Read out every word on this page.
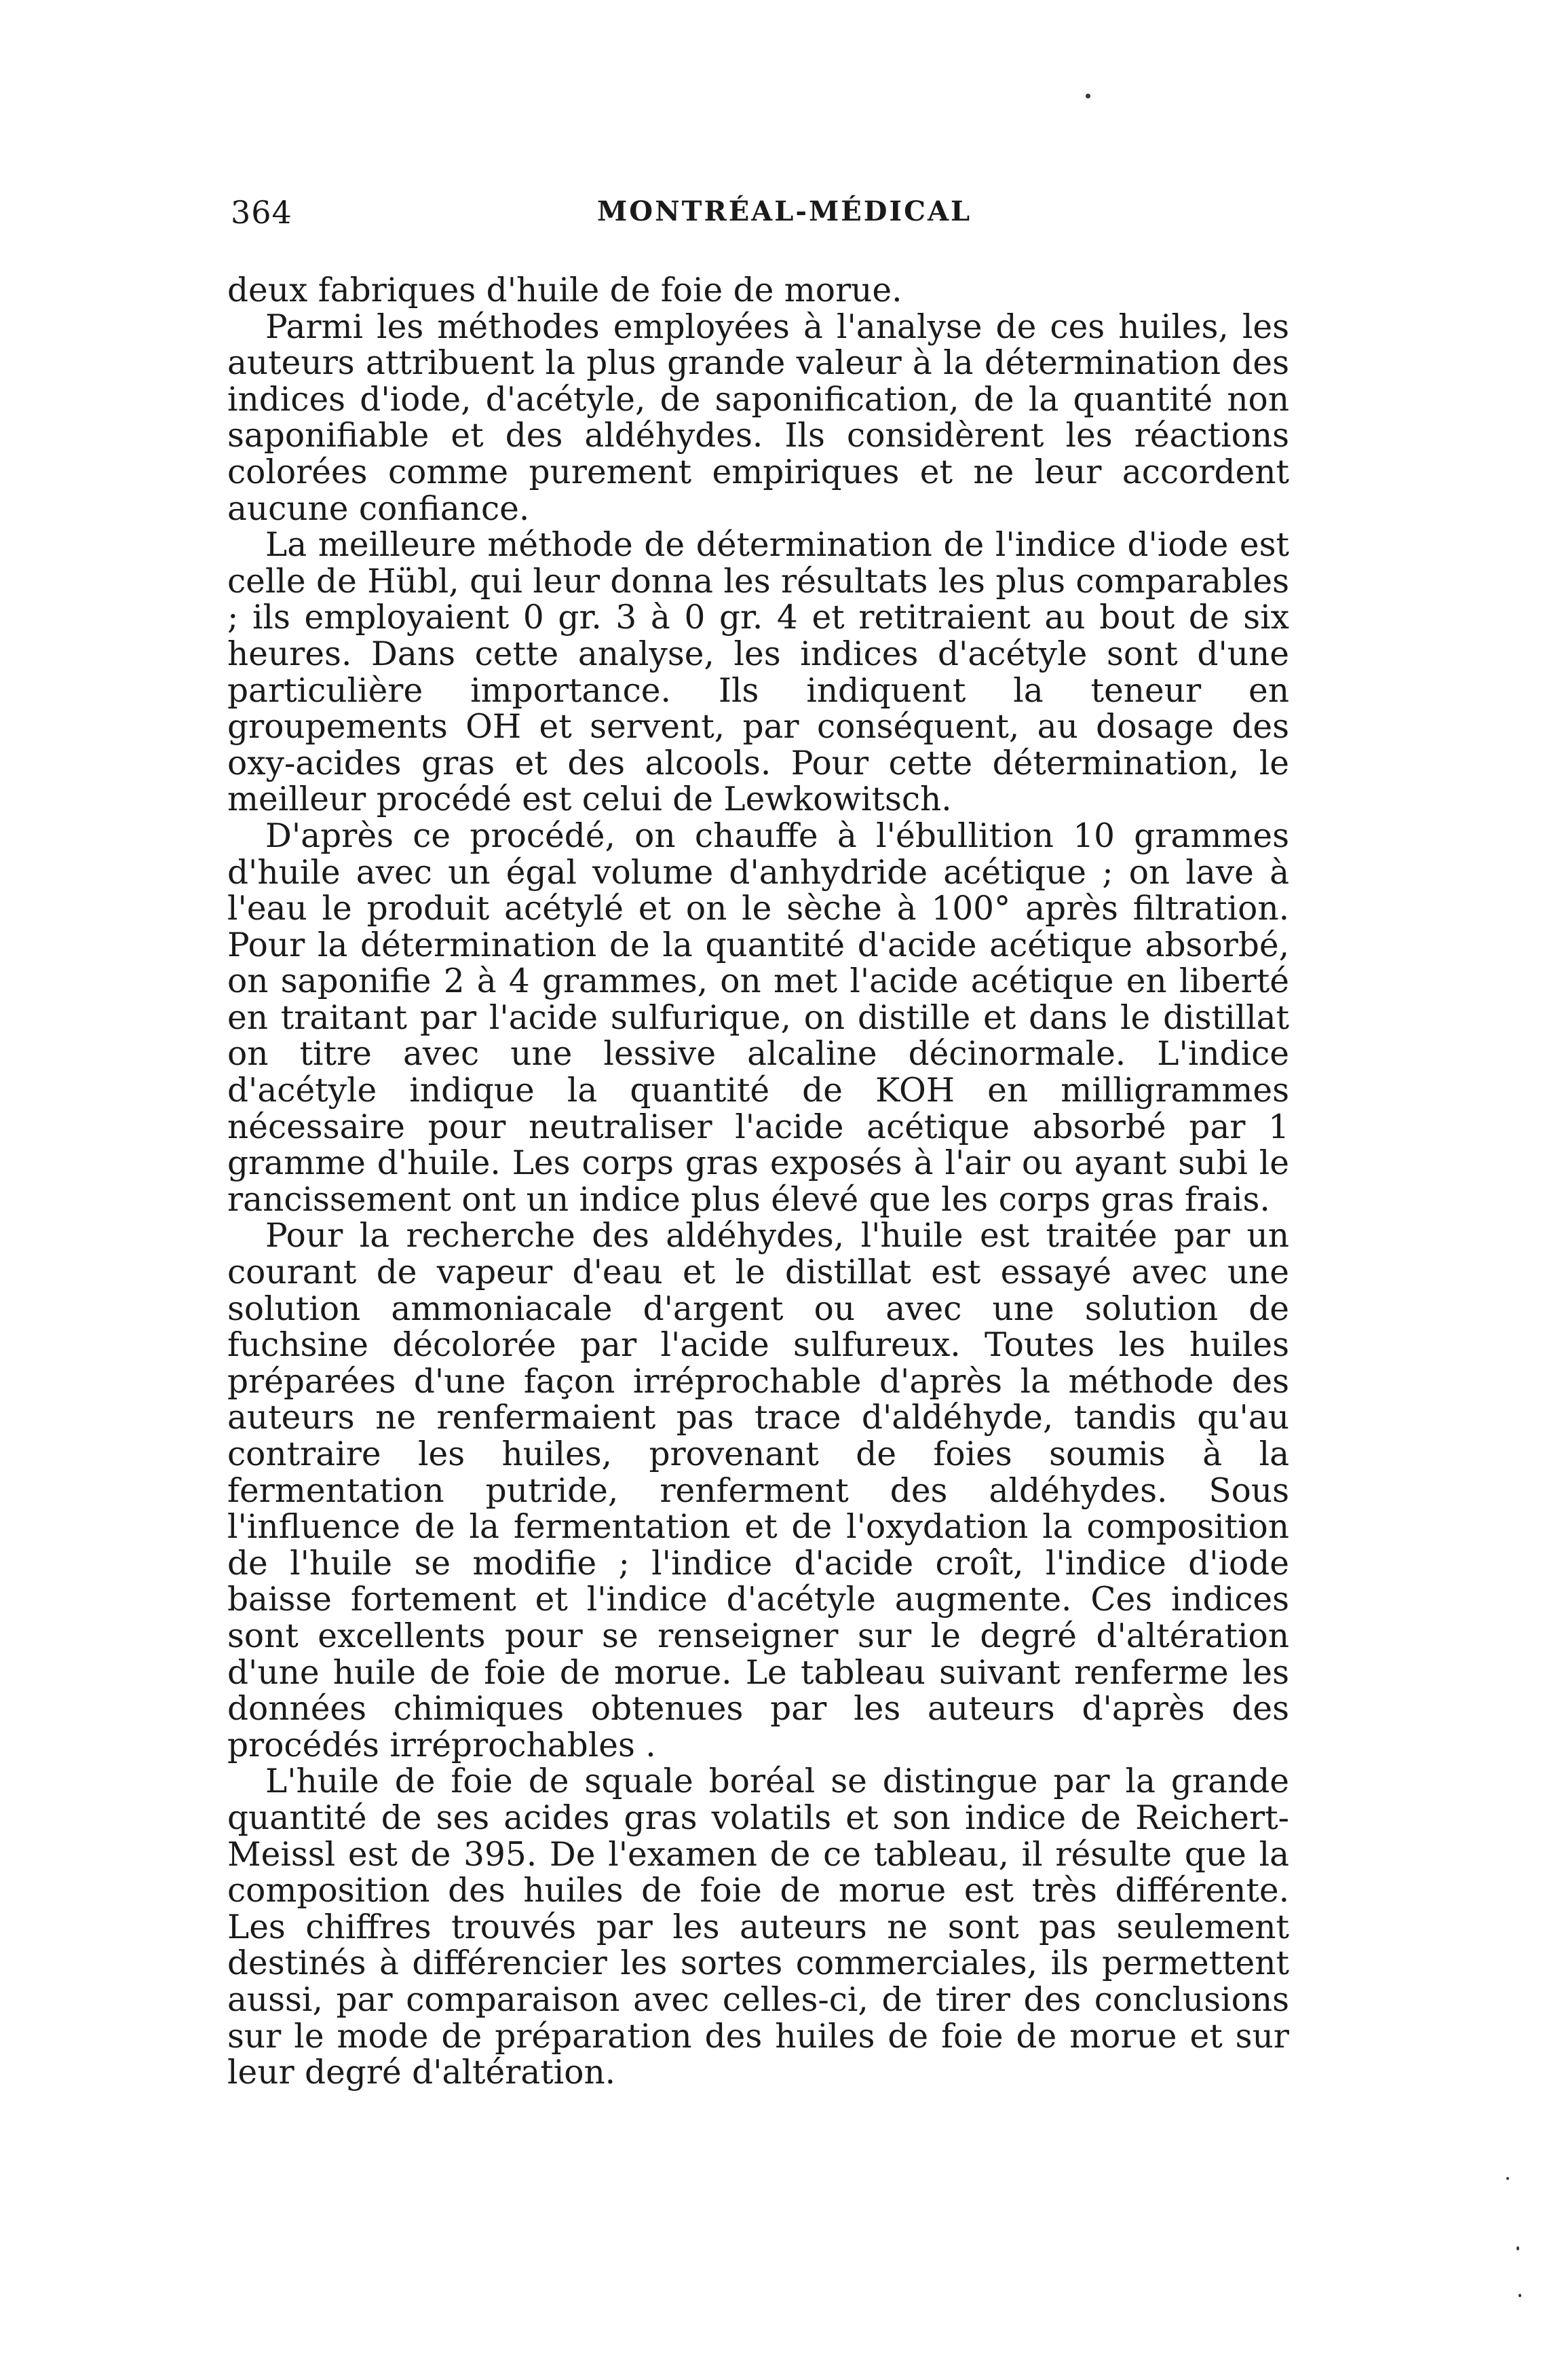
364	MONTRÉAL-MÉDICAL

deux fabriques d'huile de foie de morue.

Parmi les méthodes employées à l'analyse de ces huiles, les auteurs attribuent la plus grande valeur à la détermination des indices d'iode, d'acétyle, de saponification, de la quantité non saponifiable et des aldéhydes. Ils considèrent les réactions colorées comme purement empiriques et ne leur accordent aucune confiance.

La meilleure méthode de détermination de l'indice d'iode est celle de Hübl, qui leur donna les résultats les plus comparables ; ils employaient 0 gr. 3 à 0 gr. 4 et retitraient au bout de six heures. Dans cette analyse, les indices d'acétyle sont d'une particulière importance. Ils indiquent la teneur en groupements OH et servent, par conséquent, au dosage des oxy-acides gras et des alcools. Pour cette détermination, le meilleur procédé est celui de Lewkowitsch.

D'après ce procédé, on chauffe à l'ébullition 10 grammes d'huile avec un égal volume d'anhydride acétique ; on lave à l'eau le produit acétylé et on le sèche à 100° après filtration. Pour la détermination de la quantité d'acide acétique absorbé, on saponifie 2 à 4 grammes, on met l'acide acétique en liberté en traitant par l'acide sulfurique, on distille et dans le distillat on titre avec une lessive alcaline décinormale. L'indice d'acétyle indique la quantité de KOH en milligrammes nécessaire pour neutraliser l'acide acétique absorbé par 1 gramme d'huile. Les corps gras exposés à l'air ou ayant subi le rancissement ont un indice plus élevé que les corps gras frais.

Pour la recherche des aldéhydes, l'huile est traitée par un courant de vapeur d'eau et le distillat est essayé avec une solution ammoniacale d'argent ou avec une solution de fuchsine décolorée par l'acide sulfureux. Toutes les huiles préparées d'une façon irréprochable d'après la méthode des auteurs ne renfermaient pas trace d'aldéhyde, tandis qu'au contraire les huiles, provenant de foies soumis à la fermentation putride, renferment des aldéhydes. Sous l'influence de la fermentation et de l'oxydation la composition de l'huile se modifie ; l'indice d'acide croît, l'indice d'iode baisse fortement et l'indice d'acétyle augmente. Ces indices sont excellents pour se renseigner sur le degré d'altération d'une huile de foie de morue. Le tableau suivant renferme les données chimiques obtenues par les auteurs d'après des procédés irréprochables .

L'huile de foie de squale boréal se distingue par la grande quantité de ses acides gras volatils et son indice de Reichert-Meissl est de 395. De l'examen de ce tableau, il résulte que la composition des huiles de foie de morue est très différente. Les chiffres trouvés par les auteurs ne sont pas seulement destinés à différencier les sortes commerciales, ils permettent aussi, par comparaison avec celles-ci, de tirer des conclusions sur le mode de préparation des huiles de foie de morue et sur leur degré d'altération.
